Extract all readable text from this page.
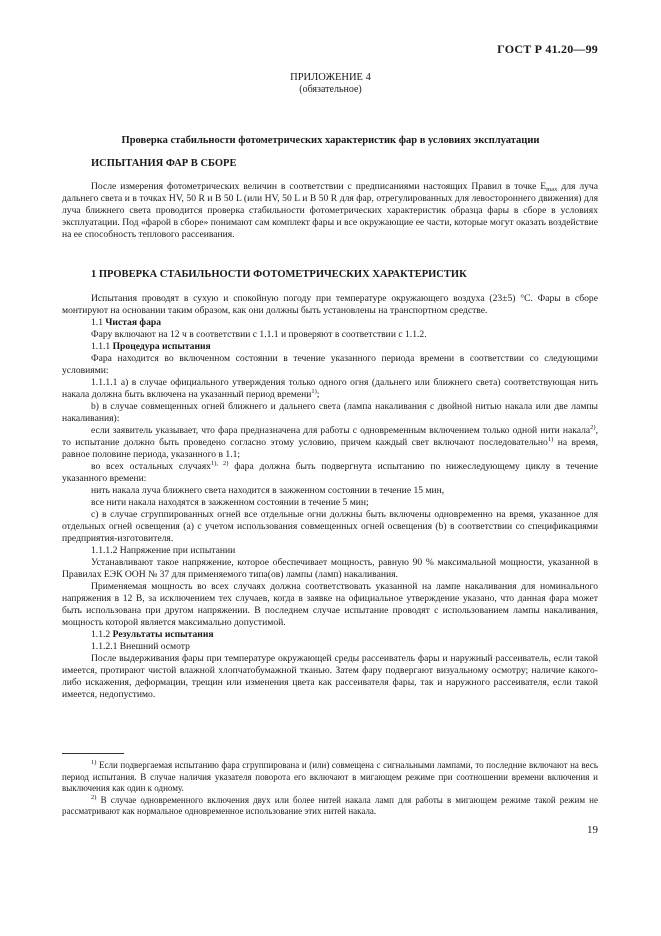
ГОСТ Р 41.20—99
ПРИЛОЖЕНИЕ 4
(обязательное)
Проверка стабильности фотометрических характеристик фар в условиях эксплуатации
ИСПЫТАНИЯ ФАР В СБОРЕ

После измерения фотометрических величин в соответствии с предписаниями настоящих Правил в точке $E_{max}$ для луча дальнего света и в точках HV, 50 R и B 50 L (или HV, 50 L и B 50 R для фар, отрегулированных для левостороннего движения) для луча ближнего света проводится проверка стабильности фотометрических характеристик образца фары в сборе в условиях эксплуатации. Под «фарой в сборе» понимают сам комплект фары и все окружающие ее части, которые могут оказать воздействие на ее способность теплового рассеивания.

1 ПРОВЕРКА СТАБИЛЬНОСТИ ФОТОМЕТРИЧЕСКИХ ХАРАКТЕРИСТИК

Испытания проводят в сухую и спокойную погоду при температуре окружающего воздуха (23±5) °С. Фары в сборе монтируют на основании таким образом, как они должны быть установлены на транспортном средстве.

1.1 Чистая фара

Фару включают на 12 ч в соответствии с 1.1.1 и проверяют в соответствии с 1.1.2.

1.1.1 Процедура испытания

Фара находится во включенном состоянии в течение указанного периода времени в соответствии со следующими условиями:

1.1.1.1 а) в случае официального утверждения только одного огня (дальнего или ближнего света) соответствующая нить накала должна быть включена на указанный период времени$^{1)}$;

b) в случае совмещенных огней ближнего и дальнего света (лампа накаливания с двойной нитью накала или две лампы накаливания):

если заявитель указывает, что фара предназначена для работы с одновременным включением только одной нити накала$^{2)}$, то испытание должно быть проведено согласно этому условию, причем каждый свет включают последовательно$^{1)}$ на время, равное половине периода, указанного в 1.1;

во всех остальных случаях$^{1), 2)}$ фара должна быть подвергнута испытанию по нижеследующему циклу в течение указанного времени:

нить накала луча ближнего света находится в зажженном состоянии в течение 15 мин,

все нити накала находятся в зажженном состоянии в течение 5 мин;

с) в случае сгруппированных огней все отдельные огни должны быть включены одновременно на время, указанное для отдельных огней освещения (а) с учетом использования совмещенных огней освещения (b) в соответствии со спецификациями предприятия-изготовителя.

1.1.1.2 Напряжение при испытании

Устанавливают такое напряжение, которое обеспечивает мощность, равную 90 % максимальной мощности, указанной в Правилах ЕЭК ООН № 37 для применяемого типа(ов) лампы (ламп) накаливания.

Применяемая мощность во всех случаях должна соответствовать указанной на лампе накаливания для номинального напряжения в 12 В, за исключением тех случаев, когда в заявке на официальное утверждение указано, что данная фара может быть использована при другом напряжении. В последнем случае испытание проводят с использованием лампы накаливания, мощность которой является максимально допустимой.

1.1.2 Результаты испытания

1.1.2.1 Внешний осмотр

После выдерживания фары при температуре окружающей среды рассеиватель фары и наружный рассеиватель, если такой имеется, протирают чистой влажной хлопчатобумажной тканью. Затем фару подвергают визуальному осмотру; наличие какого-либо искажения, деформации, трещин или изменения цвета как рассеивателя фары, так и наружного рассеивателя, если такой имеется, недопустимо.

$^{1)}$ Если подвергаемая испытанию фара сгруппирована и (или) совмещена с сигнальными лампами, то последние включают на весь период испытания. В случае наличия указателя поворота его включают в мигающем режиме при соотношении времени включения и выключения как один к одному.

$^{2)}$ В случае одновременного включения двух или более нитей накала ламп для работы в мигающем режиме такой режим не рассматривают как нормальное одновременное использование этих нитей накала.

19
